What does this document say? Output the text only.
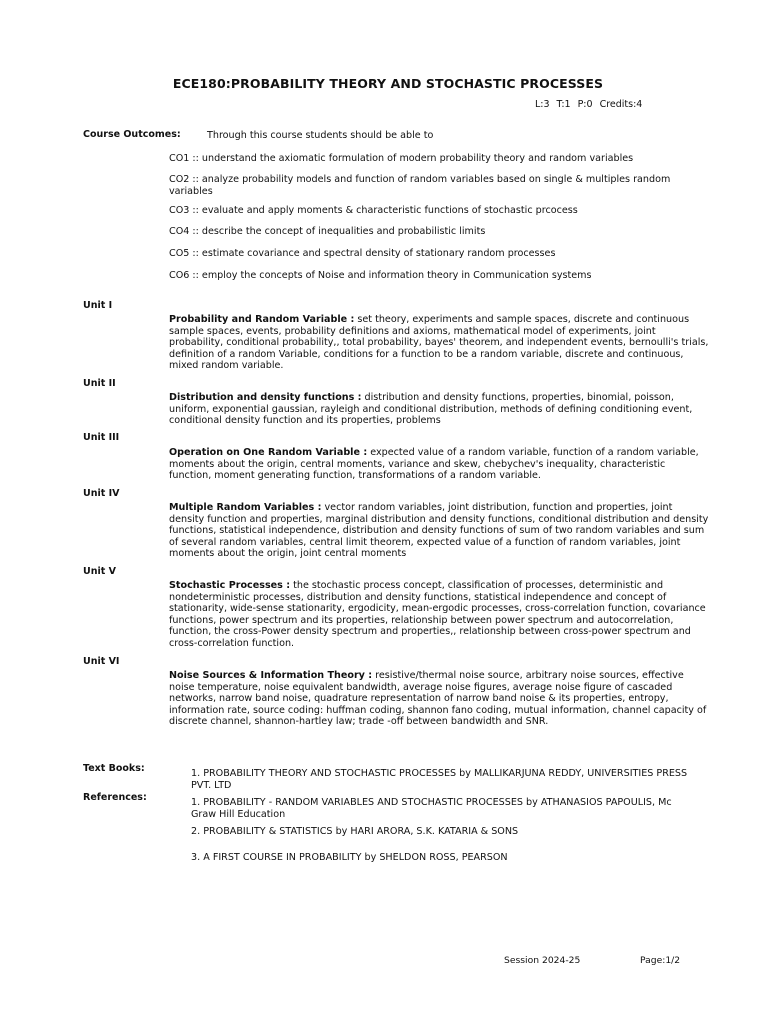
ECE180:PROBABILITY THEORY AND STOCHASTIC PROCESSES
L:3 T:1 P:0 Credits:4
Course Outcomes:	Through this course students should be able to
CO1 :: understand the axiomatic formulation of modern probability theory and random variables
CO2 :: analyze probability models and function of random variables based on single & multiples random variables
CO3 :: evaluate and apply moments & characteristic functions of stochastic prcocess
CO4 :: describe the concept of inequalities and probabilistic limits
CO5 :: estimate covariance and spectral density of stationary random processes
CO6 :: employ the concepts of Noise and information theory in Communication systems
Unit I
Probability and Random Variable : set theory, experiments and sample spaces, discrete and continuous sample spaces, events, probability definitions and axioms, mathematical model of experiments, joint probability, conditional probability,, total probability, bayes' theorem, and independent events, bernoulli's trials, definition of a random Variable, conditions for a function to be a random variable, discrete and continuous, mixed random variable.
Unit II
Distribution and density functions : distribution and density functions, properties, binomial, poisson, uniform, exponential gaussian, rayleigh and conditional distribution, methods of defining conditioning event, conditional density function and its properties, problems
Unit III
Operation on One Random Variable : expected value of a random variable, function of a random variable, moments about the origin, central moments, variance and skew, chebychev's inequality, characteristic function, moment generating function, transformations of a random variable.
Unit IV
Multiple Random Variables : vector random variables, joint distribution, function and properties, joint density function and properties, marginal distribution and density functions, conditional distribution and density functions, statistical independence, distribution and density functions of sum of two random variables and sum of several random variables, central limit theorem, expected value of a function of random variables, joint moments about the origin, joint central moments
Unit V
Stochastic Processes : the stochastic process concept, classification of processes, deterministic and nondeterministic processes, distribution and density functions, statistical independence and concept of stationarity, wide-sense stationarity, ergodicity, mean-ergodic processes, cross-correlation function, covariance functions, power spectrum and its properties, relationship between power spectrum and autocorrelation, function, the cross-Power density spectrum and properties,, relationship between cross-power spectrum and cross-correlation function.
Unit VI
Noise Sources & Information Theory : resistive/thermal noise source, arbitrary noise sources, effective noise temperature, noise equivalent bandwidth, average noise figures, average noise figure of cascaded networks, narrow band noise, quadrature representation of narrow band noise & its properties, entropy, information rate, source coding: huffman coding, shannon fano coding, mutual information, channel capacity of discrete channel, shannon-hartley law; trade -off between bandwidth and SNR.
Text Books:	1. PROBABILITY THEORY AND STOCHASTIC PROCESSES by MALLIKARJUNA REDDY, UNIVERSITIES PRESS PVT. LTD
References:	1. PROBABILITY - RANDOM VARIABLES AND STOCHASTIC PROCESSES by ATHANASIOS PAPOULIS, Mc Graw Hill Education
2. PROBABILITY & STATISTICS by HARI ARORA, S.K. KATARIA & SONS
3. A FIRST COURSE IN PROBABILITY by SHELDON ROSS, PEARSON
Session 2024-25	Page:1/2
